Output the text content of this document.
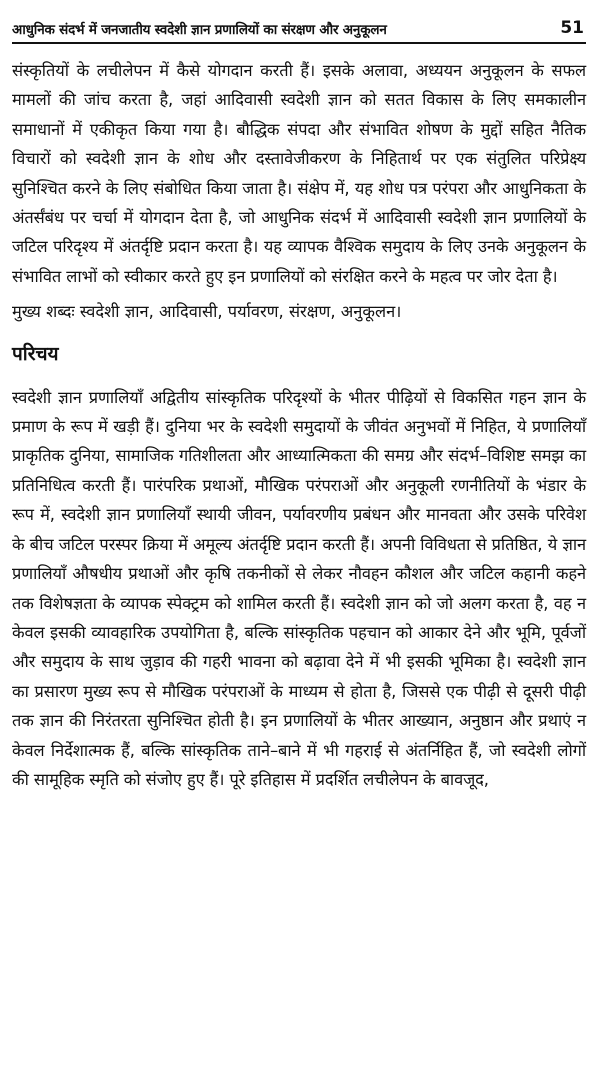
आधुनिक संदर्भ में जनजातीय स्वदेशी ज्ञान प्रणालियों का संरक्षण और अनुकूलन	51

संस्कृतियों के लचीलेपन में कैसे योगदान करती हैं। इसके अलावा, अध्ययन अनुकूलन के सफल मामलों की जांच करता है, जहां आदिवासी स्वदेशी ज्ञान को सतत विकास के लिए समकालीन समाधानों में एकीकृत किया गया है। बौद्धिक संपदा और संभावित शोषण के मुद्दों सहित नैतिक विचारों को स्वदेशी ज्ञान के शोध और दस्तावेजीकरण के निहितार्थ पर एक संतुलित परिप्रेक्ष्य सुनिश्चित करने के लिए संबोधित किया जाता है। संक्षेप में, यह शोध पत्र परंपरा और आधुनिकता के अंतर्संबंध पर चर्चा में योगदान देता है, जो आधुनिक संदर्भ में आदिवासी स्वदेशी ज्ञान प्रणालियों के जटिल परिदृश्य में अंतर्दृष्टि प्रदान करता है। यह व्यापक वैश्विक समुदाय के लिए उनके अनुकूलन के संभावित लाभों को स्वीकार करते हुए इन प्रणालियों को संरक्षित करने के महत्व पर जोर देता है।

मुख्य शब्दः स्वदेशी ज्ञान, आदिवासी, पर्यावरण, संरक्षण, अनुकूलन।

परिचय

स्वदेशी ज्ञान प्रणालियाँ अद्वितीय सांस्कृतिक परिदृश्यों के भीतर पीढ़ियों से विकसित गहन ज्ञान के प्रमाण के रूप में खड़ी हैं। दुनिया भर के स्वदेशी समुदायों के जीवंत अनुभवों में निहित, ये प्रणालियाँ प्राकृतिक दुनिया, सामाजिक गतिशीलता और आध्यात्मिकता की समग्र और संदर्भ–विशिष्ट समझ का प्रतिनिधित्व करती हैं। पारंपरिक प्रथाओं, मौखिक परंपराओं और अनुकूली रणनीतियों के भंडार के रूप में, स्वदेशी ज्ञान प्रणालियाँ स्थायी जीवन, पर्यावरणीय प्रबंधन और मानवता और उसके परिवेश के बीच जटिल परस्पर क्रिया में अमूल्य अंतर्दृष्टि प्रदान करती हैं। अपनी विविधता से प्रतिष्ठित, ये ज्ञान प्रणालियाँ औषधीय प्रथाओं और कृषि तकनीकों से लेकर नौवहन कौशल और जटिल कहानी कहने तक विशेषज्ञता के व्यापक स्पेक्ट्रम को शामिल करती हैं। स्वदेशी ज्ञान को जो अलग करता है, वह न केवल इसकी व्यावहारिक उपयोगिता है, बल्कि सांस्कृतिक पहचान को आकार देने और भूमि, पूर्वजों और समुदाय के साथ जुड़ाव की गहरी भावना को बढ़ावा देने में भी इसकी भूमिका है। स्वदेशी ज्ञान का प्रसारण मुख्य रूप से मौखिक परंपराओं के माध्यम से होता है, जिससे एक पीढ़ी से दूसरी पीढ़ी तक ज्ञान की निरंतरता सुनिश्चित होती है। इन प्रणालियों के भीतर आख्यान, अनुष्ठान और प्रथाएं न केवल निर्देशात्मक हैं, बल्कि सांस्कृतिक ताने–बाने में भी गहराई से अंतर्निहित हैं, जो स्वदेशी लोगों की सामूहिक स्मृति को संजोए हुए हैं। पूरे इतिहास में प्रदर्शित लचीलेपन के बावजूद,
